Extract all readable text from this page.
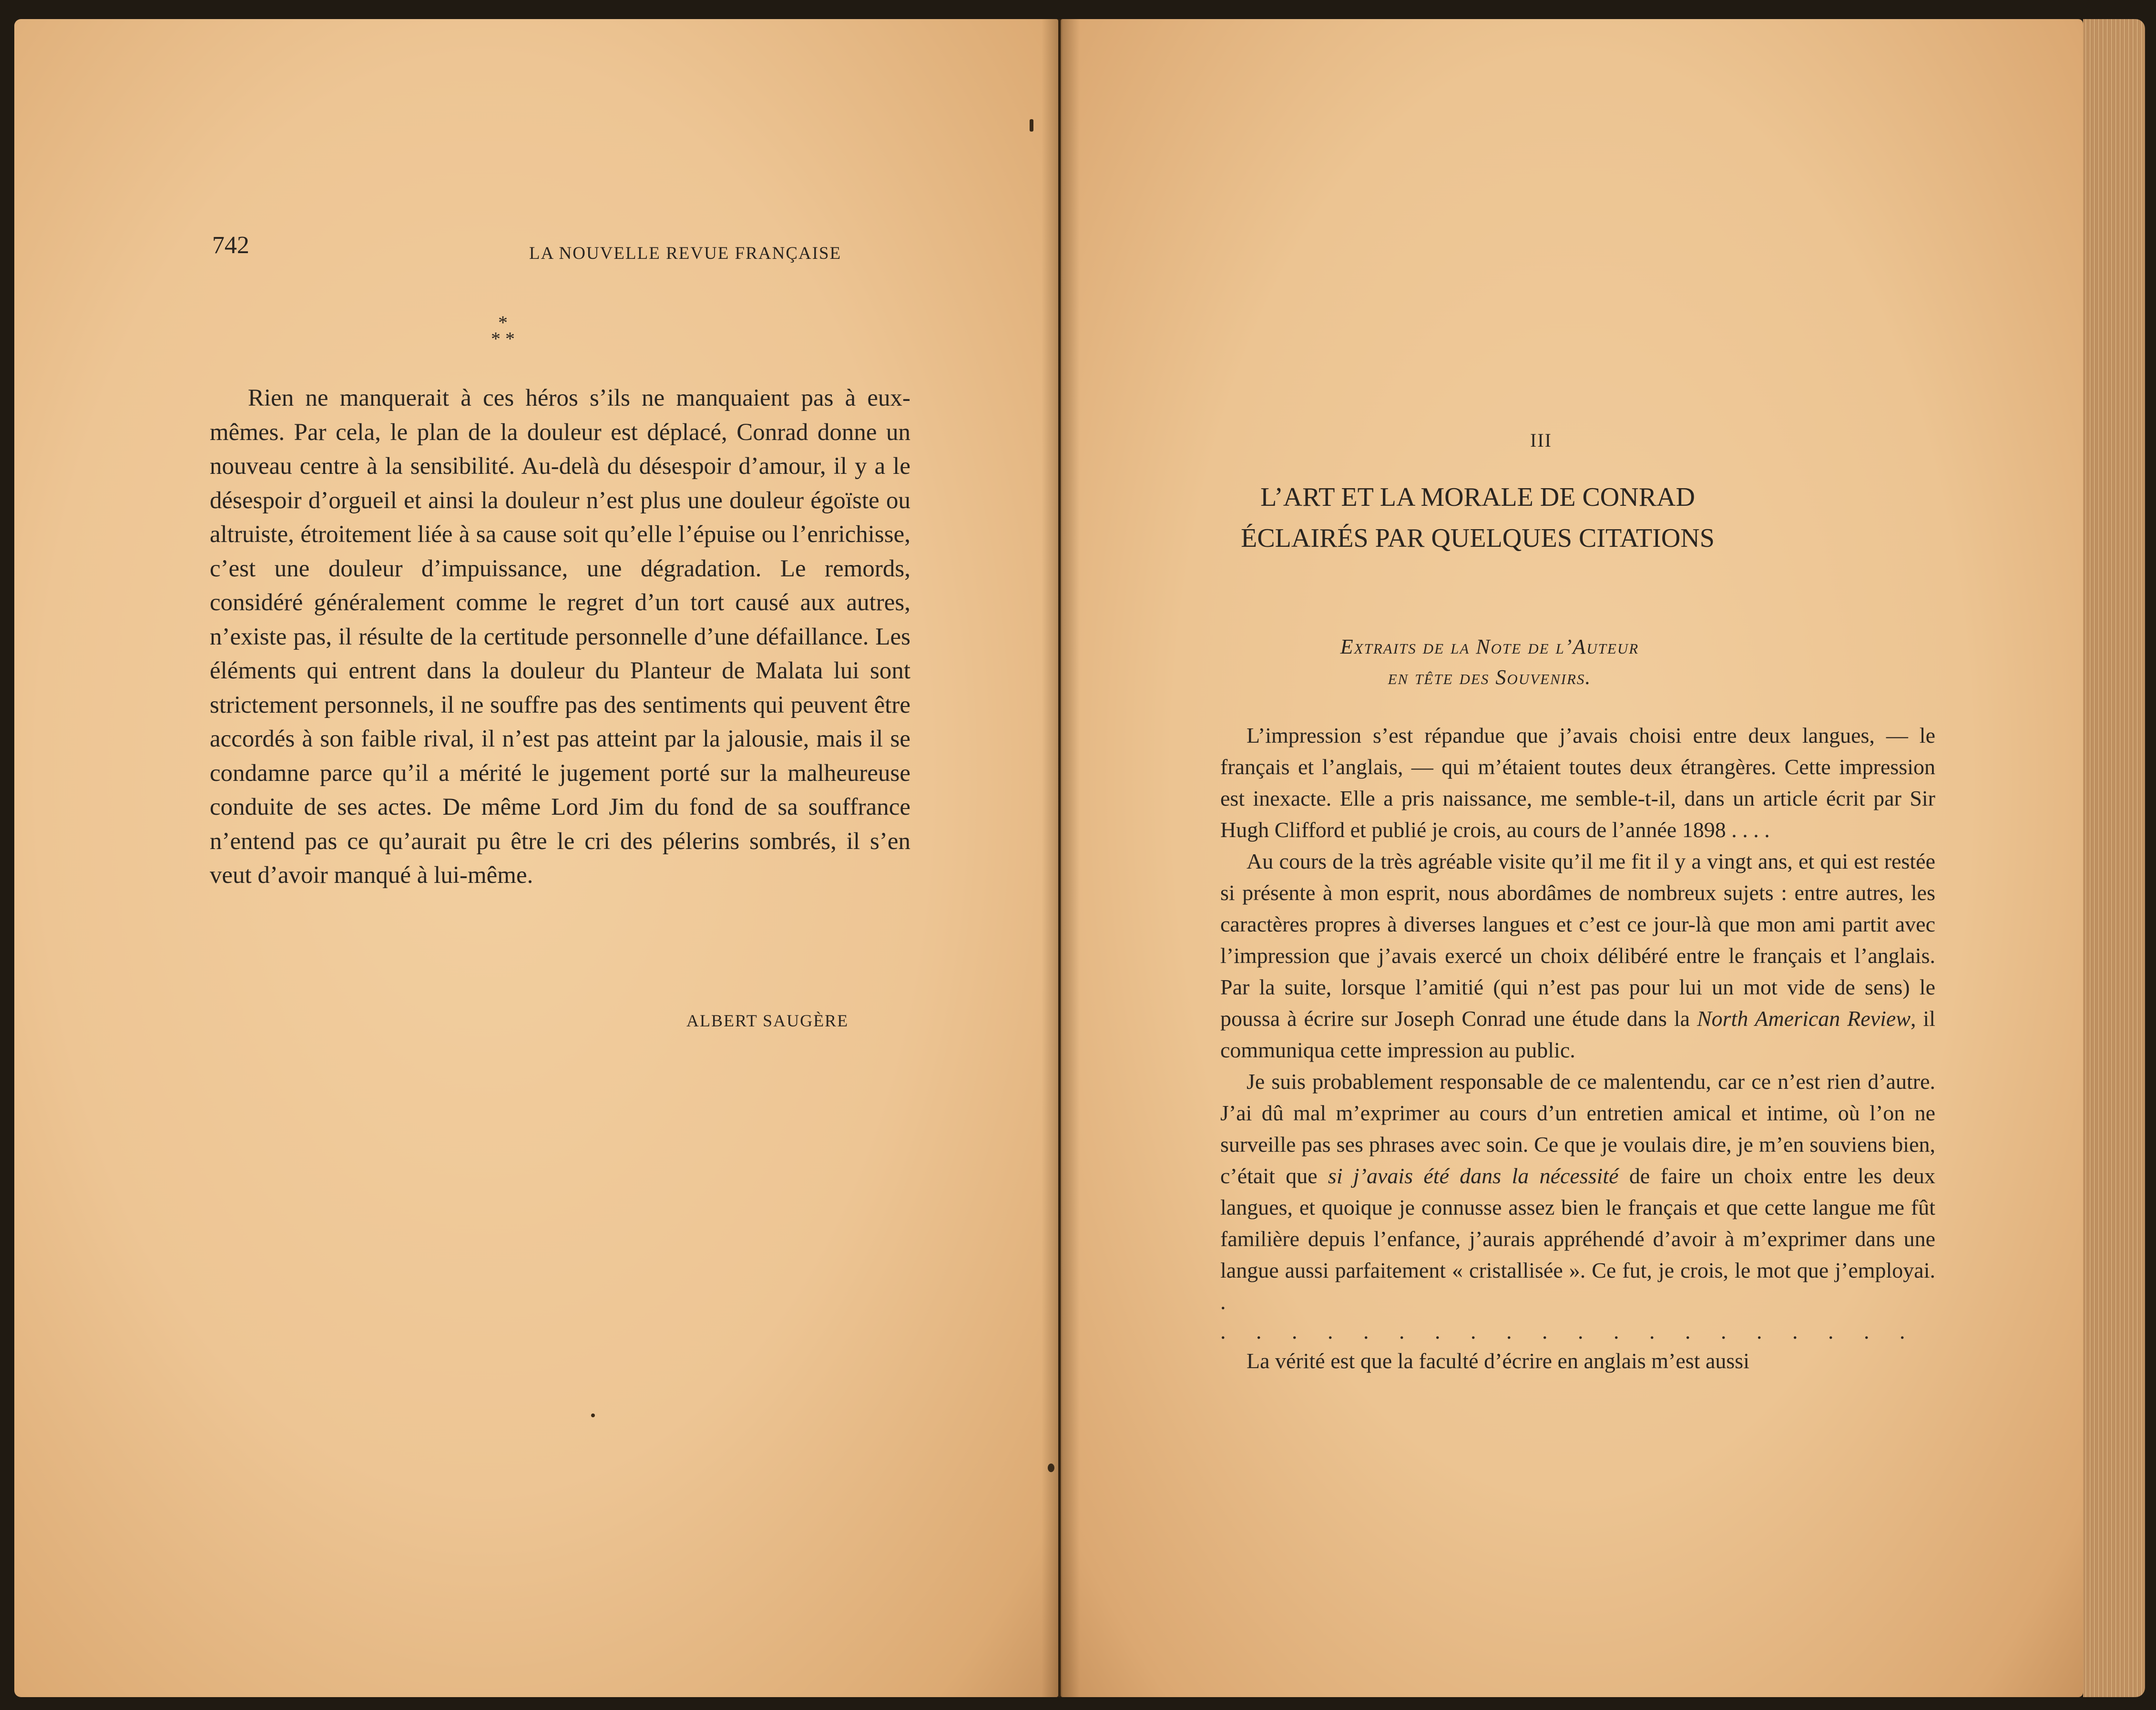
742	LA NOUVELLE REVUE FRANÇAISE
*
* *

Rien ne manquerait à ces héros s’ils ne manquaient pas à eux-mêmes. Par cela, le plan de la douleur est déplacé, Conrad donne un nouveau centre à la sensibilité. Au-delà du désespoir d’amour, il y a le désespoir d’orgueil et ainsi la douleur n’est plus une douleur égoïste ou altruiste, étroitement liée à sa cause soit qu’elle l’épuise ou l’enrichisse, c’est une douleur d’impuissance, une dégradation. Le remords, considéré généralement comme le regret d’un tort causé aux autres, n’existe pas, il résulte de la certitude personnelle d’une défaillance. Les éléments qui entrent dans la douleur du Planteur de Malata lui sont strictement personnels, il ne souffre pas des sentiments qui peuvent être accordés à son faible rival, il n’est pas atteint par la jalousie, mais il se condamne parce qu’il a mérité le jugement porté sur la malheureuse conduite de ses actes. De même Lord Jim du fond de sa souffrance n’entend pas ce qu’aurait pu être le cri des pélerins sombrés, il s’en veut d’avoir manqué à lui-même.

ALBERT SAUGÈRE
III
L’ART ET LA MORALE DE CONRAD
ÉCLAIRÉS PAR QUELQUES CITATIONS
Extraits de la Note de l’Auteur
en tête des Souvenirs.

L’impression s’est répandue que j’avais choisi entre deux langues, — le français et l’anglais, — qui m’étaient toutes deux étrangères. Cette impression est inexacte. Elle a pris naissance, me semble-t-il, dans un article écrit par Sir Hugh Clifford et publié je crois, au cours de l’année 1898 . . . .

Au cours de la très agréable visite qu’il me fit il y a vingt ans, et qui est restée si présente à mon esprit, nous abordâmes de nombreux sujets : entre autres, les caractères propres à diverses langues et c’est ce jour-là que mon ami partit avec l’impression que j’avais exercé un choix délibéré entre le français et l’anglais. Par la suite, lorsque l’amitié (qui n’est pas pour lui un mot vide de sens) le poussa à écrire sur Joseph Conrad une étude dans la North American Review, il communiqua cette impression au public.

Je suis probablement responsable de ce malentendu, car ce n’est rien d’autre. J’ai dû mal m’exprimer au cours d’un entretien amical et intime, où l’on ne surveille pas ses phrases avec soin. Ce que je voulais dire, je m’en souviens bien, c’était que si j’avais été dans la nécessité de faire un choix entre les deux langues, et quoique je connusse assez bien le français et que cette langue me fût familière depuis l’enfance, j’aurais appréhendé d’avoir à m’exprimer dans une langue aussi parfaitement « cristallisée ». Ce fut, je crois, le mot que j’employai. .

. . . . . . . . . . . . . . . . . . . .

La vérité est que la faculté d’écrire en anglais m’est aussi
